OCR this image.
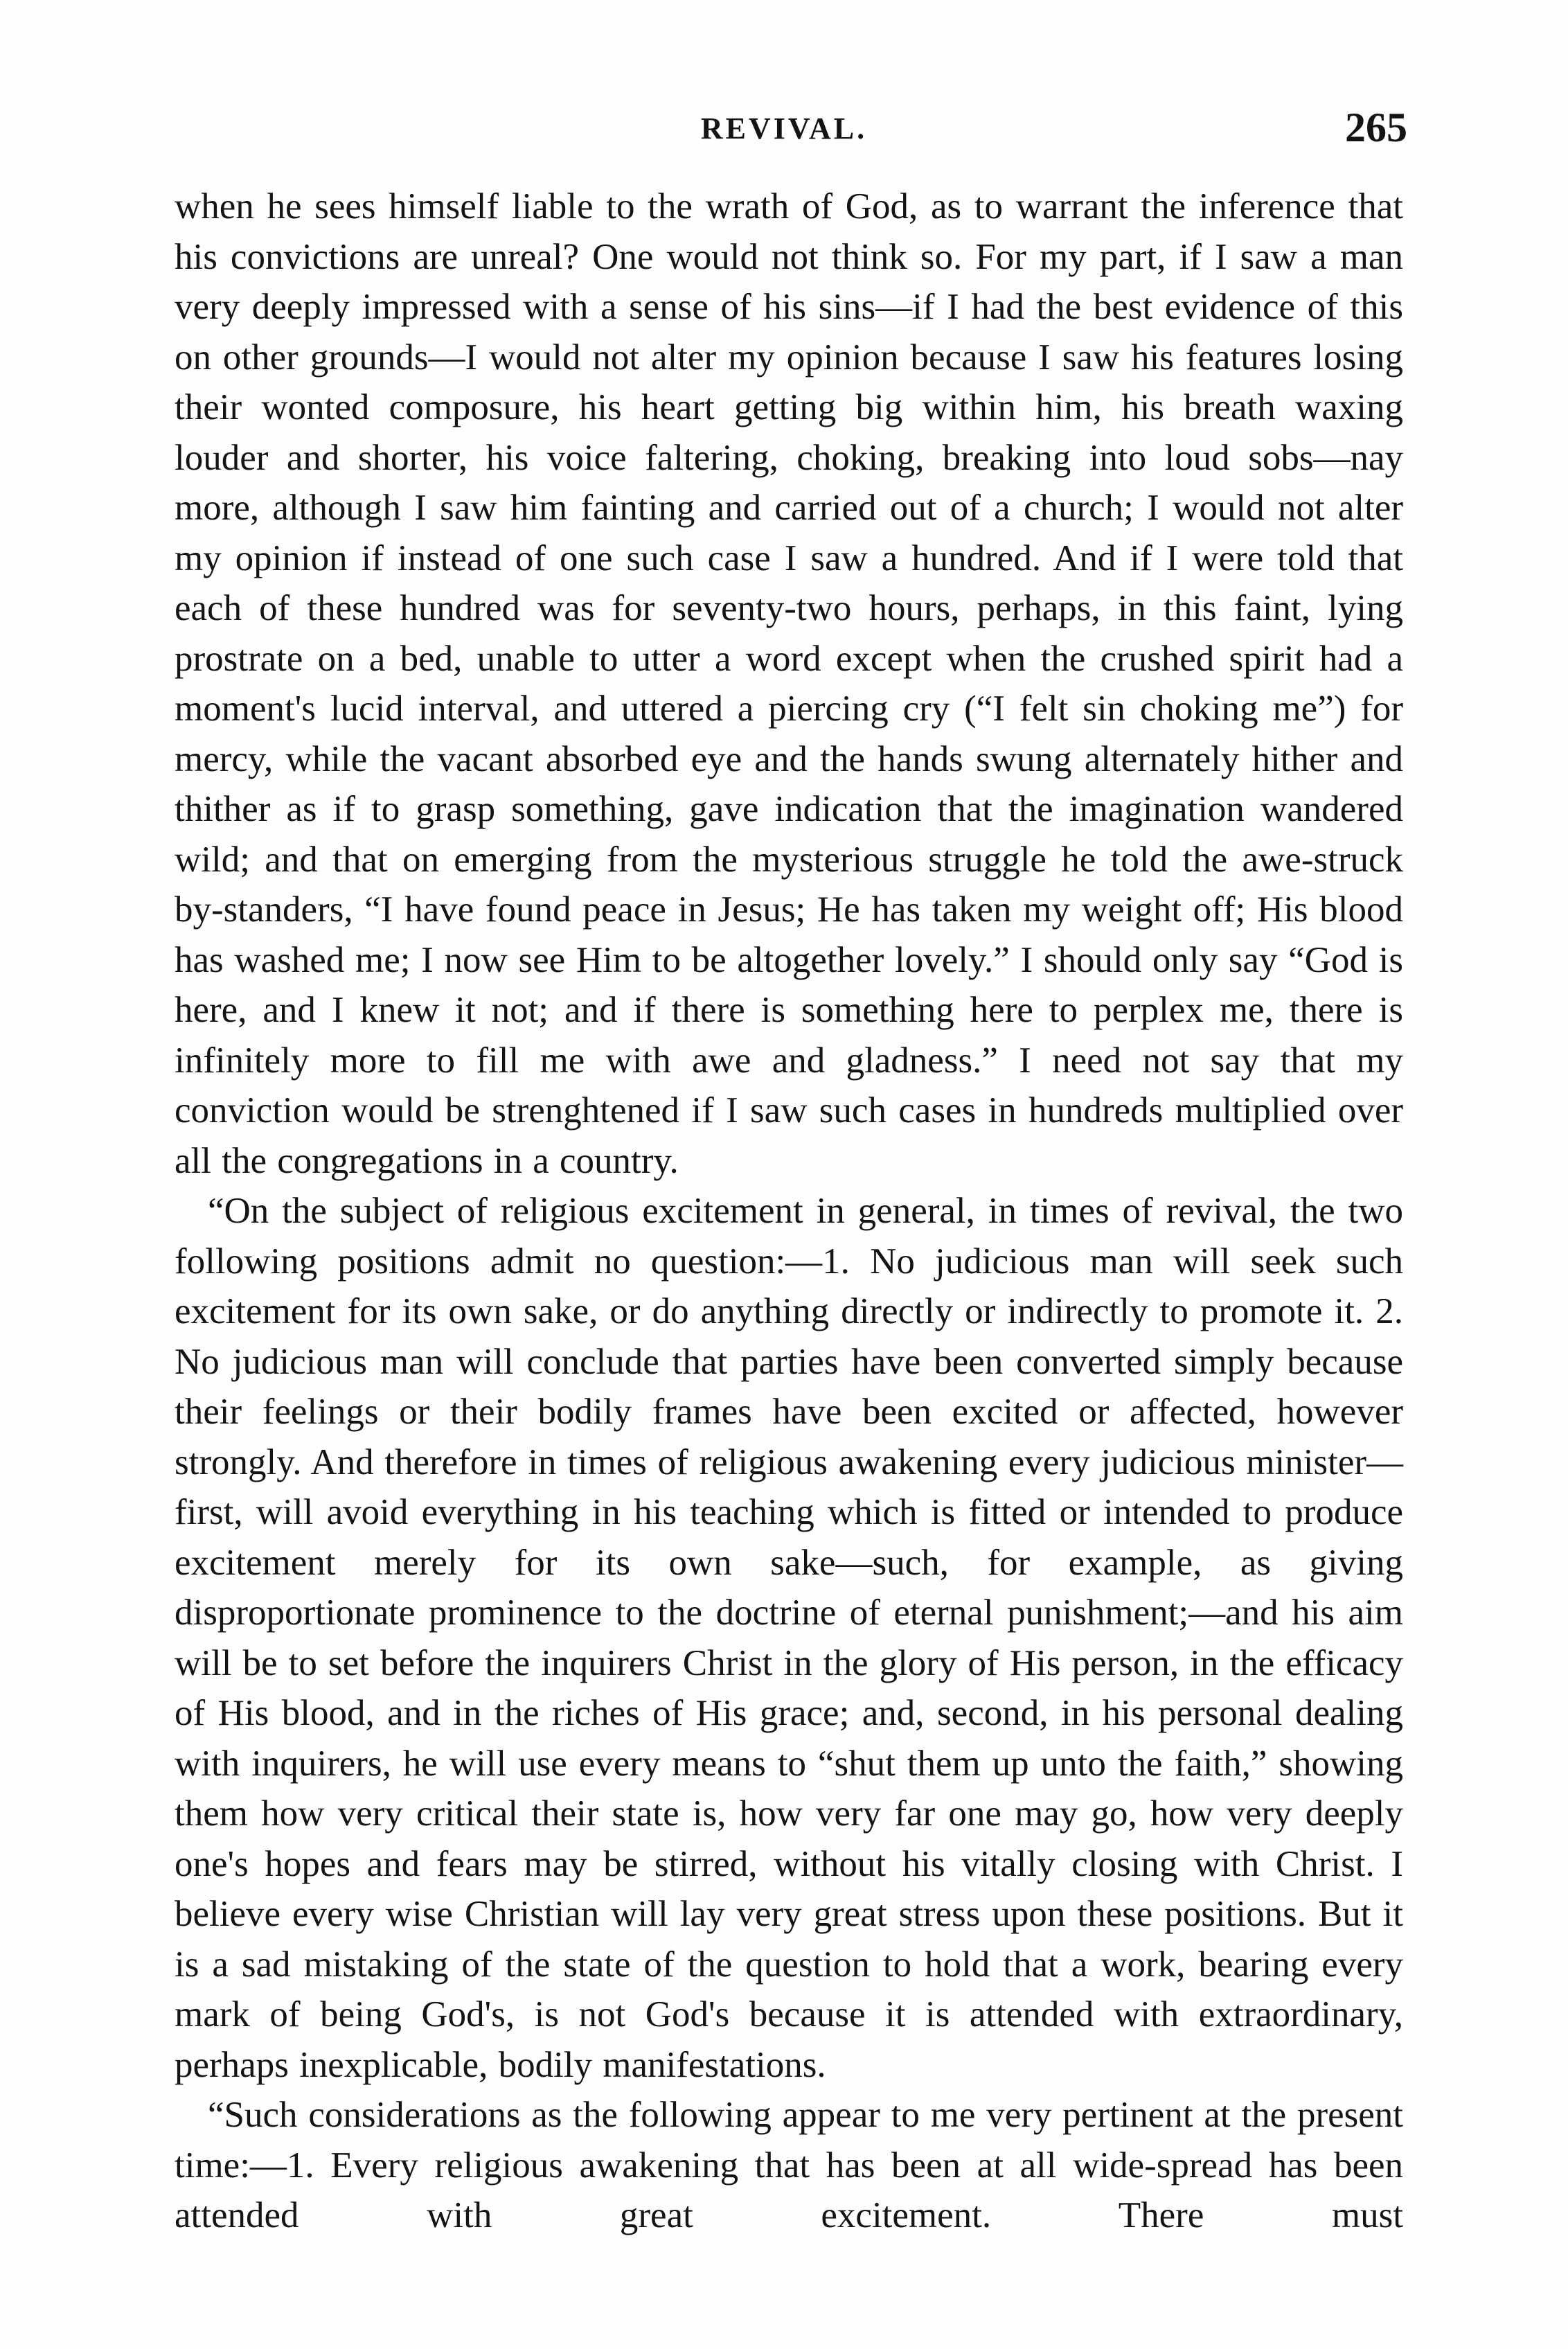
REVIVAL.	265

when he sees himself liable to the wrath of God, as to warrant the inference that his convictions are unreal? One would not think so. For my part, if I saw a man very deeply impressed with a sense of his sins—if I had the best evidence of this on other grounds—I would not alter my opinion because I saw his features losing their wonted composure, his heart getting big within him, his breath waxing louder and shorter, his voice faltering, choking, breaking into loud sobs—nay more, although I saw him fainting and carried out of a church; I would not alter my opinion if instead of one such case I saw a hundred. And if I were told that each of these hundred was for seventy-two hours, perhaps, in this faint, lying prostrate on a bed, unable to utter a word except when the crushed spirit had a moment's lucid interval, and uttered a piercing cry (“I felt sin choking me”) for mercy, while the vacant absorbed eye and the hands swung alternately hither and thither as if to grasp something, gave indication that the imagination wandered wild; and that on emerging from the mysterious struggle he told the awe-struck by-standers, “I have found peace in Jesus; He has taken my weight off; His blood has washed me; I now see Him to be altogether lovely.” I should only say “God is here, and I knew it not; and if there is something here to perplex me, there is infinitely more to fill me with awe and gladness.” I need not say that my conviction would be strenghtened if I saw such cases in hundreds multiplied over all the congregations in a country.

“On the subject of religious excitement in general, in times of revival, the two following positions admit no question:—1. No judicious man will seek such excitement for its own sake, or do anything directly or indirectly to promote it. 2. No judicious man will conclude that parties have been converted simply because their feelings or their bodily frames have been excited or affected, however strongly. And therefore in times of religious awakening every judicious minister—first, will avoid everything in his teaching which is fitted or intended to produce excitement merely for its own sake—such, for example, as giving disproportionate prominence to the doctrine of eternal punishment;—and his aim will be to set before the inquirers Christ in the glory of His person, in the efficacy of His blood, and in the riches of His grace; and, second, in his personal dealing with inquirers, he will use every means to “shut them up unto the faith,” showing them how very critical their state is, how very far one may go, how very deeply one's hopes and fears may be stirred, without his vitally closing with Christ. I believe every wise Christian will lay very great stress upon these positions. But it is a sad mistaking of the state of the question to hold that a work, bearing every mark of being God's, is not God's because it is attended with extraordinary, perhaps inexplicable, bodily manifestations.

“Such considerations as the following appear to me very pertinent at the present time:—1. Every religious awakening that has been at all wide-spread has been attended with great excitement. There must
